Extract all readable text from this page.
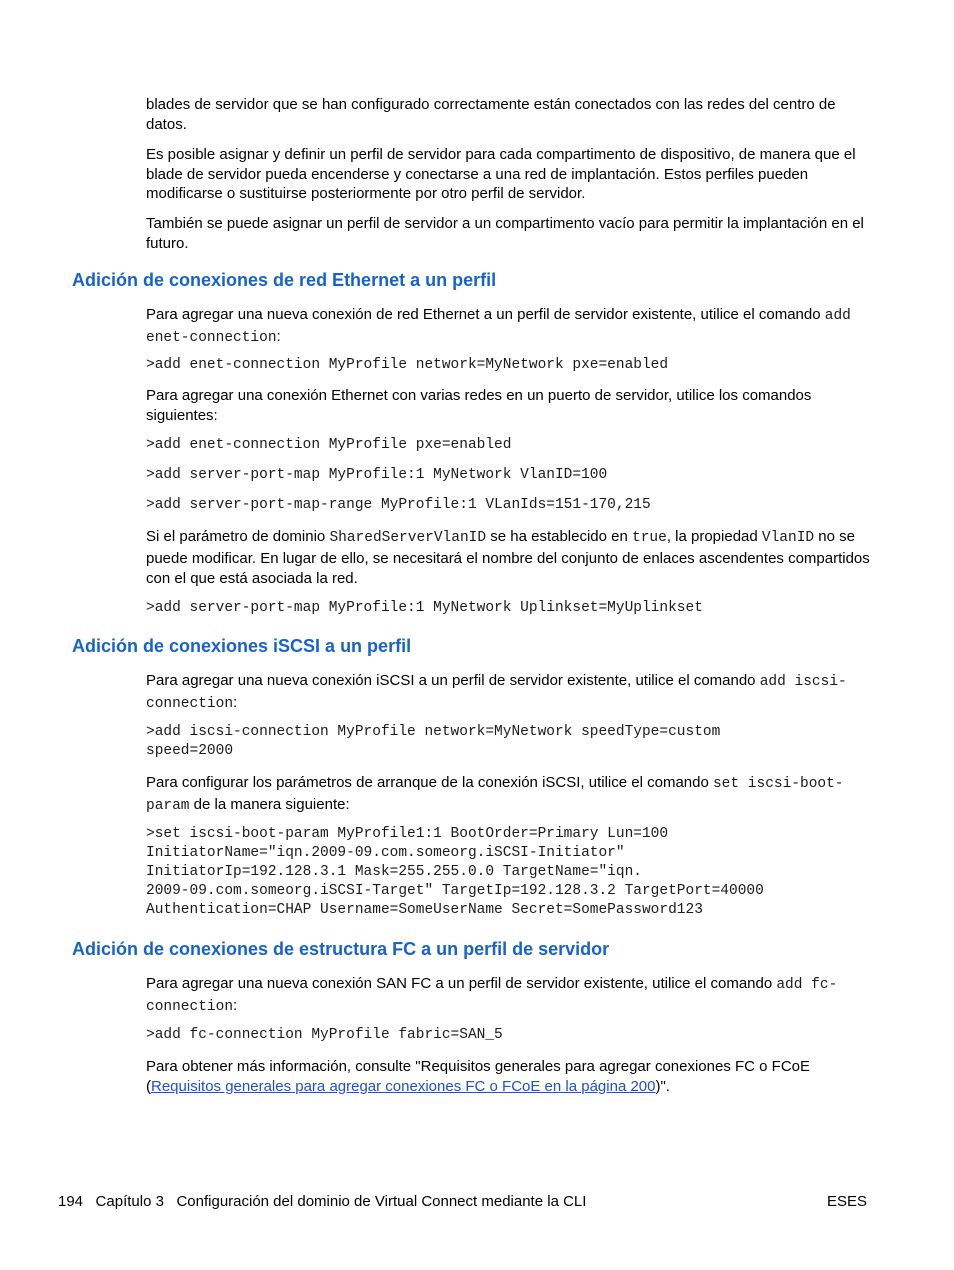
blades de servidor que se han configurado correctamente están conectados con las redes del centro de datos.

Es posible asignar y definir un perfil de servidor para cada compartimento de dispositivo, de manera que el blade de servidor pueda encenderse y conectarse a una red de implantación. Estos perfiles pueden modificarse o sustituirse posteriormente por otro perfil de servidor.

También se puede asignar un perfil de servidor a un compartimento vacío para permitir la implantación en el futuro.

Adición de conexiones de red Ethernet a un perfil

Para agregar una nueva conexión de red Ethernet a un perfil de servidor existente, utilice el comando add enet-connection:

>add enet-connection MyProfile network=MyNetwork pxe=enabled

Para agregar una conexión Ethernet con varias redes en un puerto de servidor, utilice los comandos siguientes:

>add enet-connection MyProfile pxe=enabled
>add server-port-map MyProfile:1 MyNetwork VlanID=100
>add server-port-map-range MyProfile:1 VLanIds=151-170,215

Si el parámetro de dominio SharedServerVlanID se ha establecido en true, la propiedad VlanID no se puede modificar. En lugar de ello, se necesitará el nombre del conjunto de enlaces ascendentes compartidos con el que está asociada la red.

>add server-port-map MyProfile:1 MyNetwork Uplinkset=MyUplinkset
Adición de conexiones iSCSI a un perfil

Para agregar una nueva conexión iSCSI a un perfil de servidor existente, utilice el comando add iscsi-connection:

>add iscsi-connection MyProfile network=MyNetwork speedType=custom
speed=2000

Para configurar los parámetros de arranque de la conexión iSCSI, utilice el comando set iscsi-boot-param de la manera siguiente:

>set iscsi-boot-param MyProfile1:1 BootOrder=Primary Lun=100
InitiatorName="iqn.2009-09.com.someorg.iSCSI-Initiator"
InitiatorIp=192.128.3.1 Mask=255.255.0.0 TargetName="iqn.
2009-09.com.someorg.iSCSI-Target" TargetIp=192.128.3.2 TargetPort=40000
Authentication=CHAP Username=SomeUserName Secret=SomePassword123
Adición de conexiones de estructura FC a un perfil de servidor

Para agregar una nueva conexión SAN FC a un perfil de servidor existente, utilice el comando add fc-connection:

>add fc-connection MyProfile fabric=SAN_5

Para obtener más información, consulte "Requisitos generales para agregar conexiones FC o FCoE (Requisitos generales para agregar conexiones FC o FCoE en la página 200)".

194 Capítulo 3 Configuración del dominio de Virtual Connect mediante la CLI	ESES
